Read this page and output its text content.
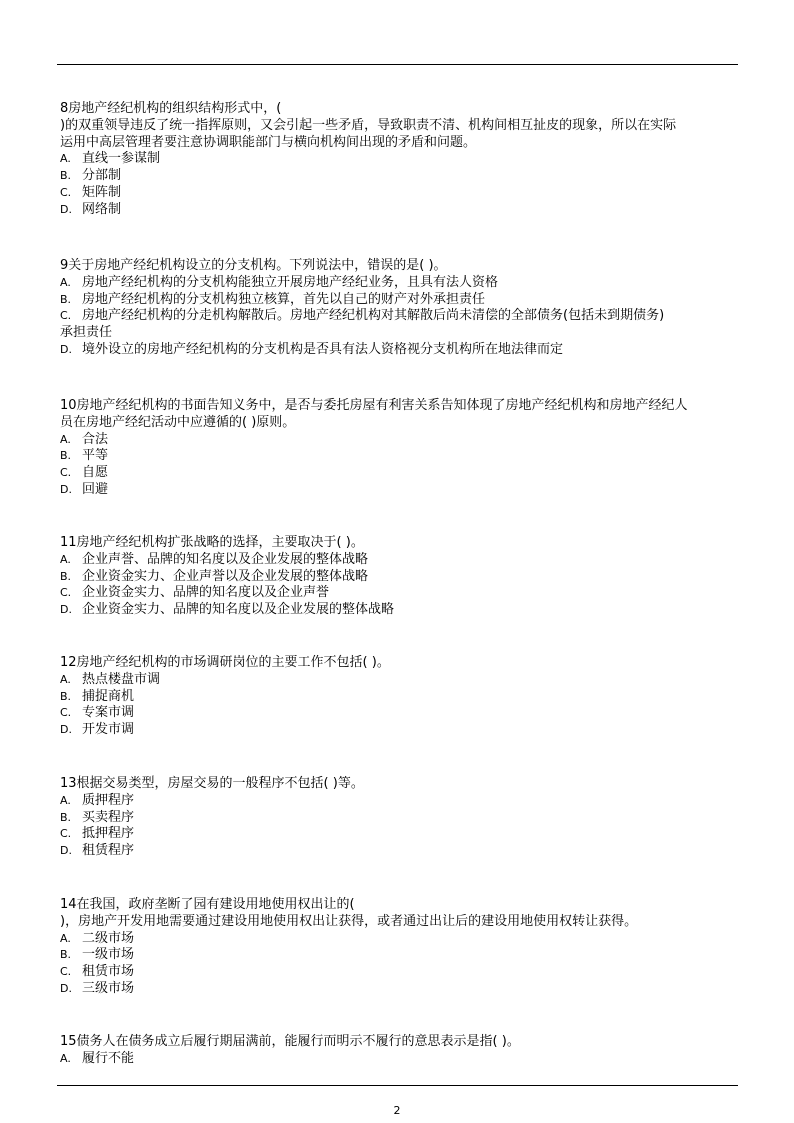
8房地产经纪机构的组织结构形式中，(
)的双重领导违反了统一指挥原则，又会引起一些矛盾，导致职责不清、机构间相互扯皮的现象，所以在实际
运用中高层管理者要注意协调职能部门与横向机构间出现的矛盾和问题。
A. 直线一参谋制
B. 分部制
C. 矩阵制
D. 网络制
9关于房地产经纪机构设立的分支机构。下列说法中，错误的是( )。
A. 房地产经纪机构的分支机构能独立开展房地产经纪业务，且具有法人资格
B. 房地产经纪机构的分支机构独立核算，首先以自己的财产对外承担责任
C. 房地产经纪机构的分走机构解散后。房地产经纪机构对其解散后尚未清偿的全部债务(包括未到期债务)
承担责任
D. 境外设立的房地产经纪机构的分支机构是否具有法人资格视分支机构所在地法律而定
10房地产经纪机构的书面告知义务中，是否与委托房屋有利害关系告知体现了房地产经纪机构和房地产经纪人
员在房地产经纪活动中应遵循的( )原则。
A. 合法
B. 平等
C. 自愿
D. 回避
11房地产经纪机构扩张战略的选择，主要取决于( )。
A. 企业声誉、品牌的知名度以及企业发展的整体战略
B. 企业资金实力、企业声誉以及企业发展的整体战略
C. 企业资金实力、品牌的知名度以及企业声誉
D. 企业资金实力、品牌的知名度以及企业发展的整体战略
12房地产经纪机构的市场调研岗位的主要工作不包括( )。
A. 热点楼盘市调
B. 捕捉商机
C. 专案市调
D. 开发市调
13根据交易类型，房屋交易的一般程序不包括( )等。
A. 质押程序
B. 买卖程序
C. 抵押程序
D. 租赁程序
14在我国，政府垄断了园有建设用地使用权出让的(
)，房地产开发用地需要通过建设用地使用权出让获得，或者通过出让后的建设用地使用权转让获得。
A. 二级市场
B. 一级市场
C. 租赁市场
D. 三级市场
15债务人在债务成立后履行期届满前，能履行而明示不履行的意思表示是指( )。
A. 履行不能
2
